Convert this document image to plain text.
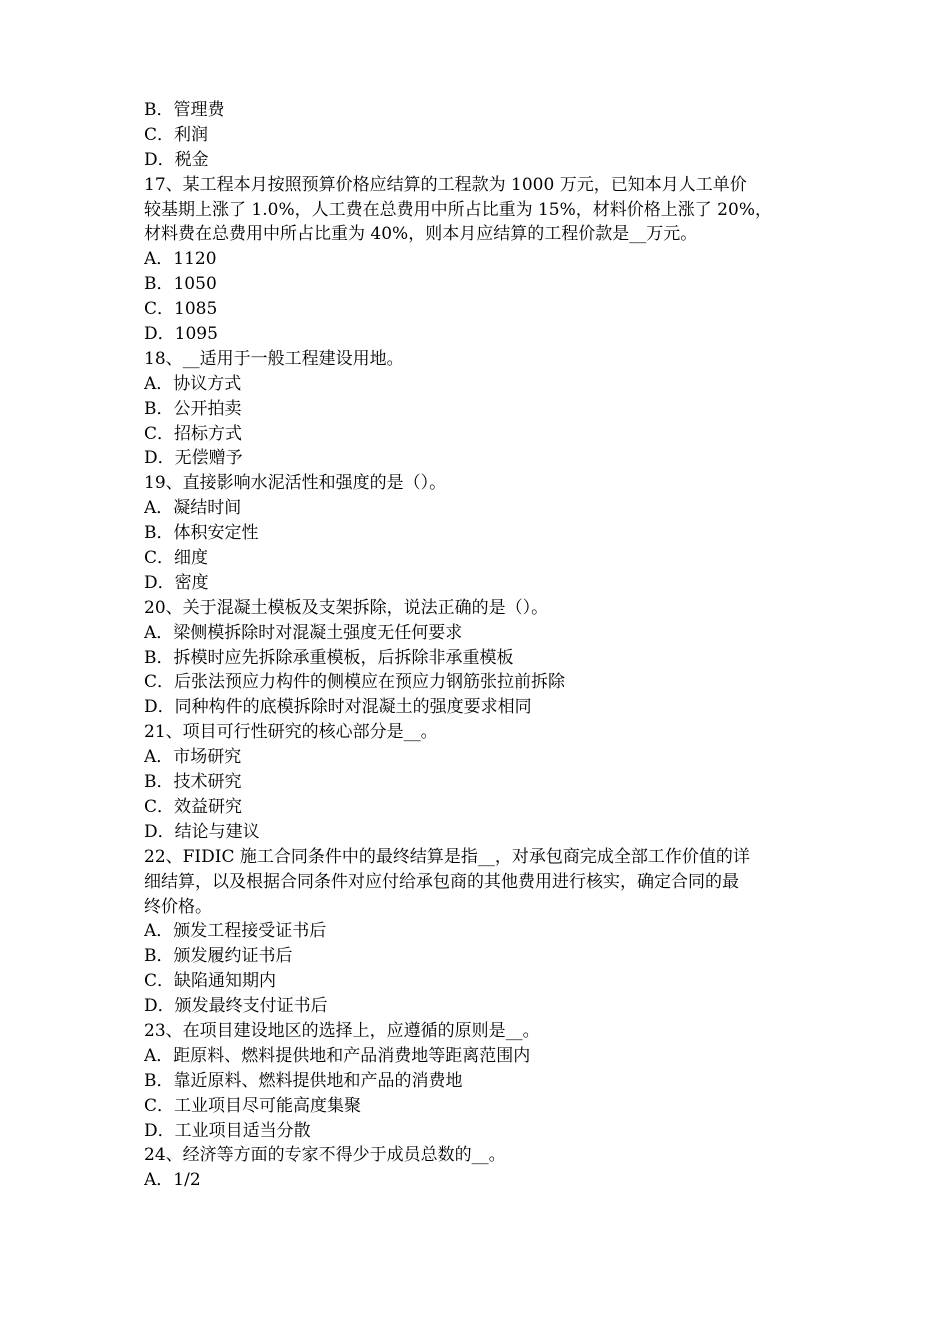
B．管理费
C．利润
D．税金
17、某工程本月按照预算价格应结算的工程款为 1000 万元，已知本月人工单价
较基期上涨了 1.0%，人工费在总费用中所占比重为 15%，材料价格上涨了 20%，
材料费在总费用中所占比重为 40%，则本月应结算的工程价款是__万元。
A．1120
B．1050
C．1085
D．1095
18、__适用于一般工程建设用地。
A．协议方式
B．公开拍卖
C．招标方式
D．无偿赠予
19、直接影响水泥活性和强度的是（）。
A．凝结时间
B．体积安定性
C．细度
D．密度
20、关于混凝土模板及支架拆除，说法正确的是（）。
A．梁侧模拆除时对混凝土强度无任何要求
B．拆模时应先拆除承重模板，后拆除非承重模板
C．后张法预应力构件的侧模应在预应力钢筋张拉前拆除
D．同种构件的底模拆除时对混凝土的强度要求相同
21、项目可行性研究的核心部分是__。
A．市场研究
B．技术研究
C．效益研究
D．结论与建议
22、FIDIC 施工合同条件中的最终结算是指__，对承包商完成全部工作价值的详
细结算，以及根据合同条件对应付给承包商的其他费用进行核实，确定合同的最
终价格。
A．颁发工程接受证书后
B．颁发履约证书后
C．缺陷通知期内
D．颁发最终支付证书后
23、在项目建设地区的选择上，应遵循的原则是__。
A．距原料、燃料提供地和产品消费地等距离范围内
B．靠近原料、燃料提供地和产品的消费地
C．工业项目尽可能高度集聚
D．工业项目适当分散
24、经济等方面的专家不得少于成员总数的__。
A．1/2
